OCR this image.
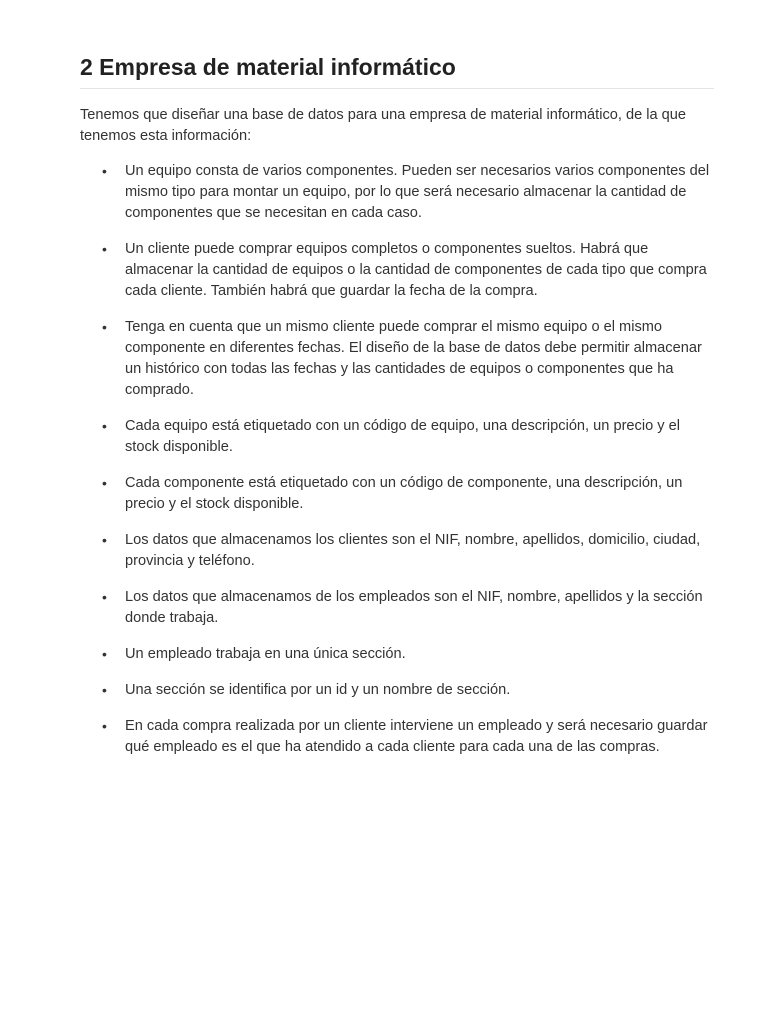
2 Empresa de material informático

Tenemos que diseñar una base de datos para una empresa de material informático, de la que tenemos esta información:

• Un equipo consta de varios componentes. Pueden ser necesarios varios componentes del mismo tipo para montar un equipo, por lo que será necesario almacenar la cantidad de componentes que se necesitan en cada caso.
• Un cliente puede comprar equipos completos o componentes sueltos. Habrá que almacenar la cantidad de equipos o la cantidad de componentes de cada tipo que compra cada cliente. También habrá que guardar la fecha de la compra.
• Tenga en cuenta que un mismo cliente puede comprar el mismo equipo o el mismo componente en diferentes fechas. El diseño de la base de datos debe permitir almacenar un histórico con todas las fechas y las cantidades de equipos o componentes que ha comprado.
• Cada equipo está etiquetado con un código de equipo, una descripción, un precio y el stock disponible.
• Cada componente está etiquetado con un código de componente, una descripción, un precio y el stock disponible.
• Los datos que almacenamos los clientes son el NIF, nombre, apellidos, domicilio, ciudad, provincia y teléfono.
• Los datos que almacenamos de los empleados son el NIF, nombre, apellidos y la sección donde trabaja.
• Un empleado trabaja en una única sección.
• Una sección se identifica por un id y un nombre de sección.
• En cada compra realizada por un cliente interviene un empleado y será necesario guardar qué empleado es el que ha atendido a cada cliente para cada una de las compras.
